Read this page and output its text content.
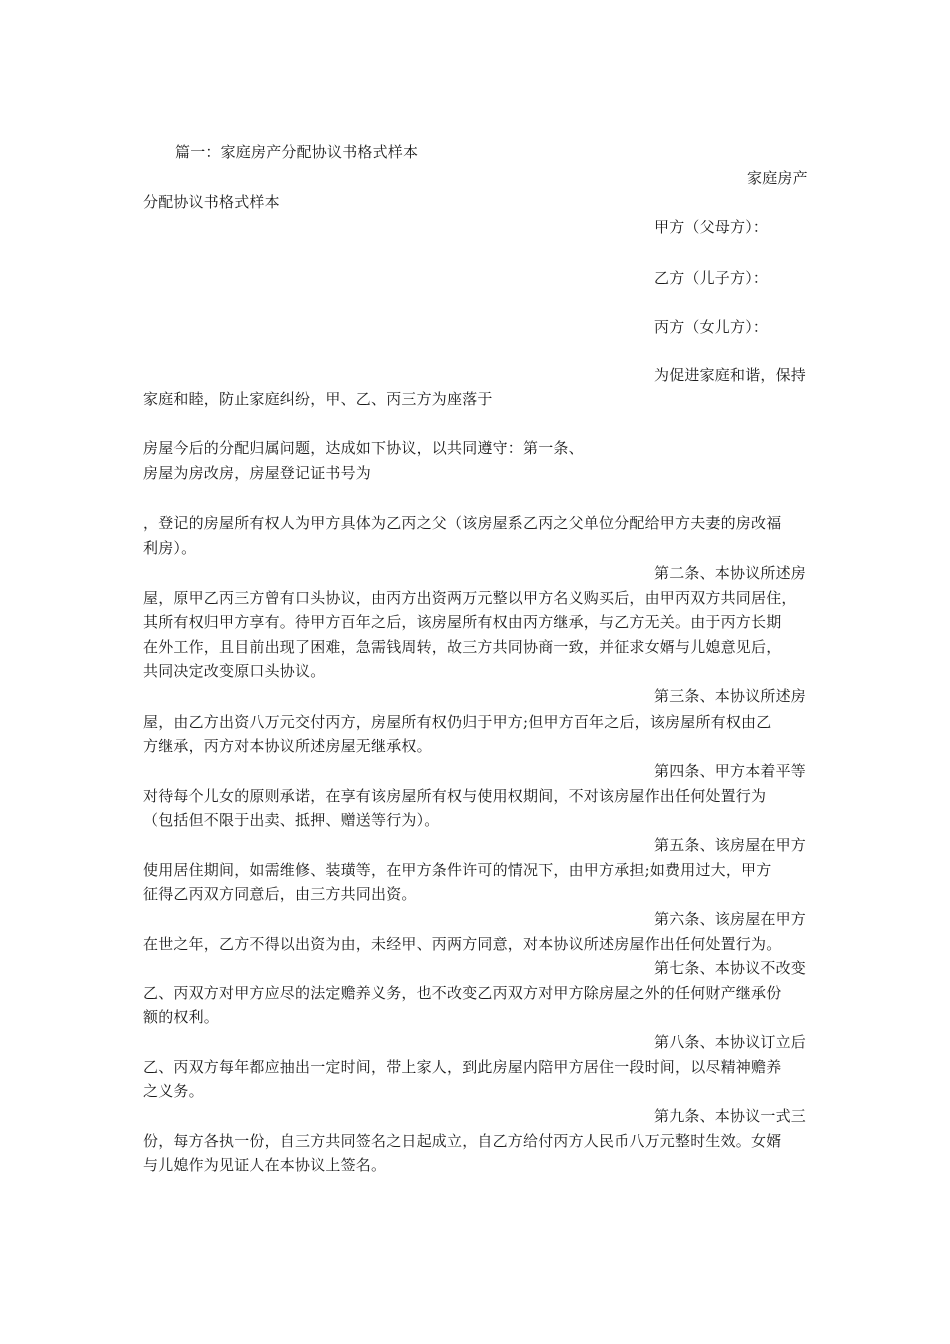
篇一：家庭房产分配协议书格式样本
家庭房产
分配协议书格式样本
甲方（父母方）：
乙方（儿子方）：
丙方（女儿方）：
为促进家庭和谐，保持
家庭和睦，防止家庭纠纷，甲、乙、丙三方为座落于
房屋今后的分配归属问题，达成如下协议，以共同遵守：第一条、
房屋为房改房，房屋登记证书号为
，登记的房屋所有权人为甲方具体为乙丙之父（该房屋系乙丙之父单位分配给甲方夫妻的房改福
利房）。
第二条、本协议所述房
屋，原甲乙丙三方曾有口头协议，由丙方出资两万元整以甲方名义购买后，由甲丙双方共同居住，
其所有权归甲方享有。待甲方百年之后，该房屋所有权由丙方继承，与乙方无关。由于丙方长期
在外工作，且目前出现了困难，急需钱周转，故三方共同协商一致，并征求女婿与儿媳意见后，
共同决定改变原口头协议。
第三条、本协议所述房
屋，由乙方出资八万元交付丙方，房屋所有权仍归于甲方;但甲方百年之后，该房屋所有权由乙
方继承，丙方对本协议所述房屋无继承权。
第四条、甲方本着平等
对待每个儿女的原则承诺，在享有该房屋所有权与使用权期间，不对该房屋作出任何处置行为
（包括但不限于出卖、抵押、赠送等行为）。
第五条、该房屋在甲方
使用居住期间，如需维修、装璜等，在甲方条件许可的情况下，由甲方承担;如费用过大，甲方
征得乙丙双方同意后，由三方共同出资。
第六条、该房屋在甲方
在世之年，乙方不得以出资为由，未经甲、丙两方同意，对本协议所述房屋作出任何处置行为。
第七条、本协议不改变
乙、丙双方对甲方应尽的法定赡养义务，也不改变乙丙双方对甲方除房屋之外的任何财产继承份
额的权利。
第八条、本协议订立后
乙、丙双方每年都应抽出一定时间，带上家人，到此房屋内陪甲方居住一段时间，以尽精神赡养
之义务。
第九条、本协议一式三
份，每方各执一份，自三方共同签名之日起成立，自乙方给付丙方人民币八万元整时生效。女婿
与儿媳作为见证人在本协议上签名。
